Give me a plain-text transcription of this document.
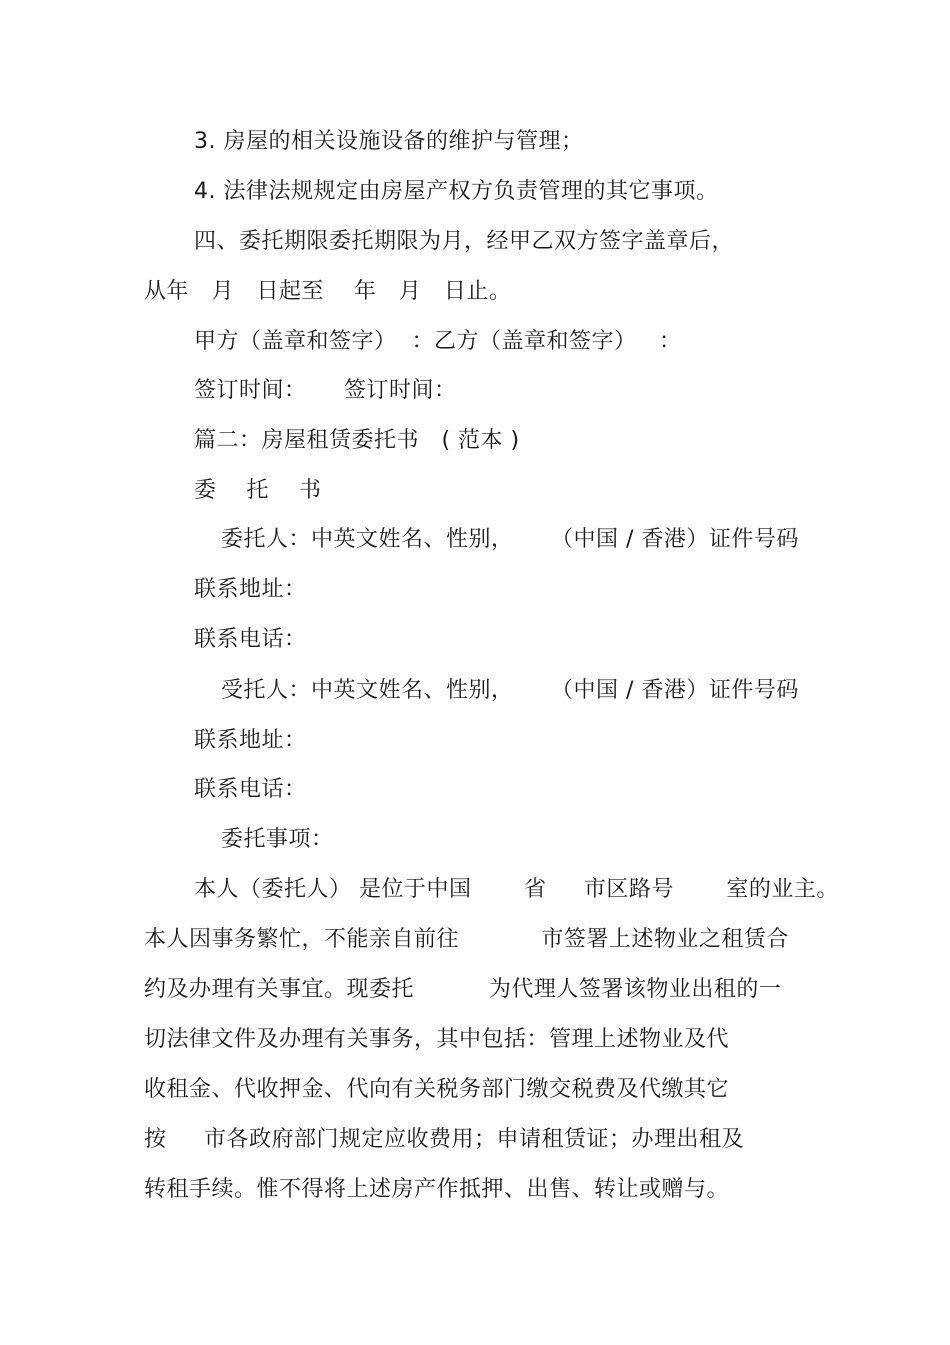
3. 房屋的相关设施设备的维护与管理；
4. 法律法规规定由房屋产权方负责管理的其它事项。
四、委托期限委托期限为月，经甲乙双方签字盖章后，
从年   月   日起至    年   月   日止。
甲方（盖章和签字）  ：乙方（盖章和签字）   ：
签订时间：     签订时间：
篇二：房屋租赁委托书   ( 范本 )
委    托    书
委托人：中英文姓名、性别，     （中国 / 香港）证件号码
联系地址：
联系电话：
受托人：中英文姓名、性别，     （中国 / 香港）证件号码
联系地址：
联系电话：
委托事项：
本人（委托人） 是位于中国       省     市区路号       室的业主。
本人因事务繁忙，不能亲自前往           市签署上述物业之租赁合
约及办理有关事宜。现委托          为代理人签署该物业出租的一
切法律文件及办理有关事务，其中包括：管理上述物业及代
收租金、代收押金、代向有关税务部门缴交税费及代缴其它
按     市各政府部门规定应收费用；申请租赁证；办理出租及
转租手续。惟不得将上述房产作抵押、出售、转让或赠与。
